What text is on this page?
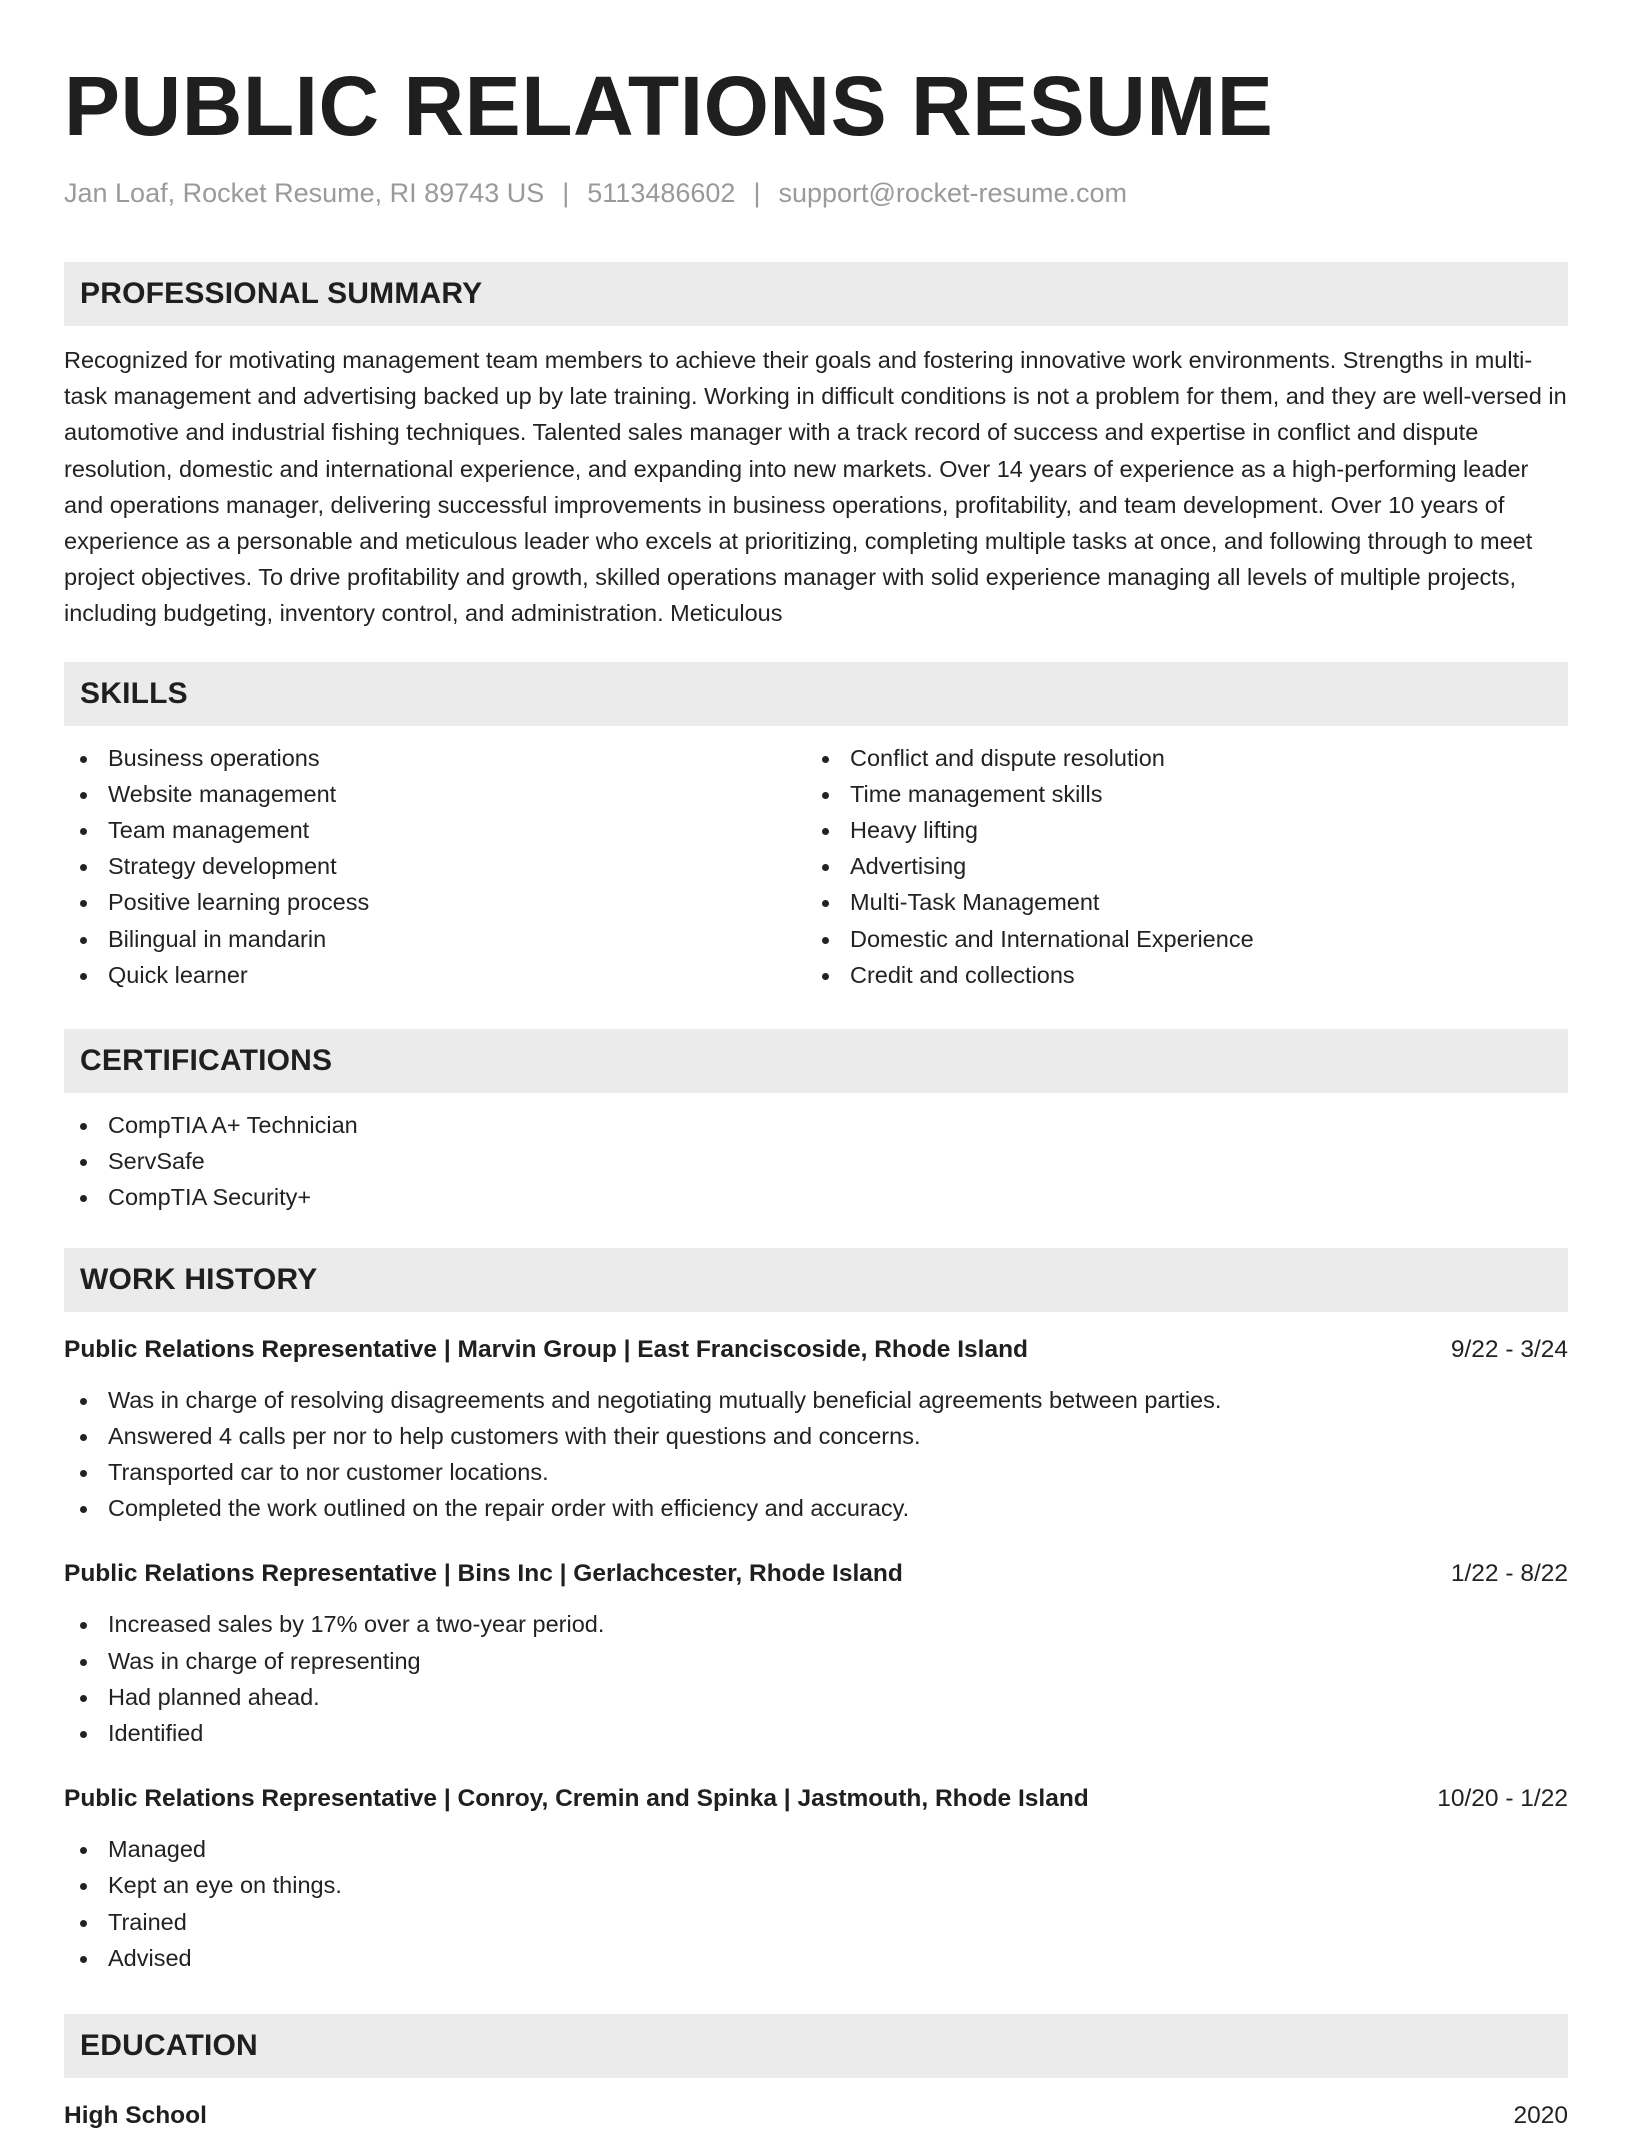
PUBLIC RELATIONS RESUME
Jan Loaf, Rocket Resume, RI 89743 US | 5113486602 | support@rocket-resume.com
PROFESSIONAL SUMMARY

Recognized for motivating management team members to achieve their goals and fostering innovative work environments. Strengths in multi-task management and advertising backed up by late training. Working in difficult conditions is not a problem for them, and they are well-versed in automotive and industrial fishing techniques. Talented sales manager with a track record of success and expertise in conflict and dispute resolution, domestic and international experience, and expanding into new markets. Over 14 years of experience as a high-performing leader and operations manager, delivering successful improvements in business operations, profitability, and team development. Over 10 years of experience as a personable and meticulous leader who excels at prioritizing, completing multiple tasks at once, and following through to meet project objectives. To drive profitability and growth, skilled operations manager with solid experience managing all levels of multiple projects, including budgeting, inventory control, and administration. Meticulous

SKILLS
Business operations
Website management
Team management
Strategy development
Positive learning process
Bilingual in mandarin
Quick learner
Conflict and dispute resolution
Time management skills
Heavy lifting
Advertising
Multi-Task Management
Domestic and International Experience
Credit and collections
CERTIFICATIONS
CompTIA A+ Technician
ServSafe
CompTIA Security+
WORK HISTORY
Public Relations Representative | Marvin Group | East Franciscoside, Rhode Island	9/22 - 3/24
Was in charge of resolving disagreements and negotiating mutually beneficial agreements between parties.
Answered 4 calls per nor to help customers with their questions and concerns.
Transported car to nor customer locations.
Completed the work outlined on the repair order with efficiency and accuracy.
Public Relations Representative | Bins Inc | Gerlachcester, Rhode Island	1/22 - 8/22
Increased sales by 17% over a two-year period.
Was in charge of representing
Had planned ahead.
Identified
Public Relations Representative | Conroy, Cremin and Spinka | Jastmouth, Rhode Island	10/20 - 1/22
Managed
Kept an eye on things.
Trained
Advised
EDUCATION
High School	2020
